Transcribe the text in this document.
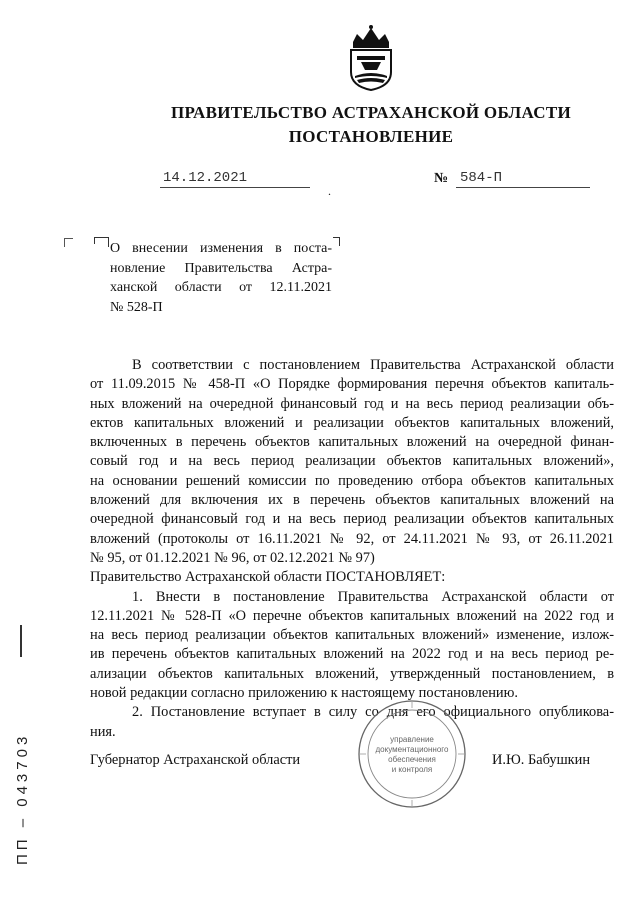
ПРАВИТЕЛЬСТВО АСТРАХАНСКОЙ ОБЛАСТИ
ПОСТАНОВЛЕНИЕ
14.12.2021
.
№ 584-П
О внесении изменения в поста-
новление Правительства Астра-
ханской области от 12.11.2021
№ 528-П
В соответствии с постановлением Правительства Астраханской области
от 11.09.2015 № 458-П «О Порядке формирования перечня объектов капиталь-
ных вложений на очередной финансовый год и на весь период реализации объ-
ектов капитальных вложений и реализации объектов капитальных вложений,
включенных в перечень объектов капитальных вложений на очередной финан-
совый год и на весь период реализации объектов капитальных вложений»,
на основании решений комиссии по проведению отбора объектов капитальных
вложений для включения их в перечень объектов капитальных вложений на
очередной финансовый год и на весь период реализации объектов капитальных
вложений (протоколы от 16.11.2021 № 92, от 24.11.2021 № 93, от 26.11.2021
№ 95, от 01.12.2021 № 96, от 02.12.2021 № 97)
Правительство Астраханской области ПОСТАНОВЛЯЕТ:
1. Внести в постановление Правительства Астраханской области от
12.11.2021 № 528-П «О перечне объектов капитальных вложений на 2022 год и
на весь период реализации объектов капитальных вложений» изменение, излож-
ив перечень объектов капитальных вложений на 2022 год и на весь период ре-
ализации объектов капитальных вложений, утвержденный постановлением, в
новой редакции согласно приложению к настоящему постановлению.
2. Постановление вступает в силу со дня его официального опубликова-
ния.
Губернатор Астраханской области	И.Ю. Бабушкин
управление
документационного
обеспечения
и контроля
ПП – 043703
